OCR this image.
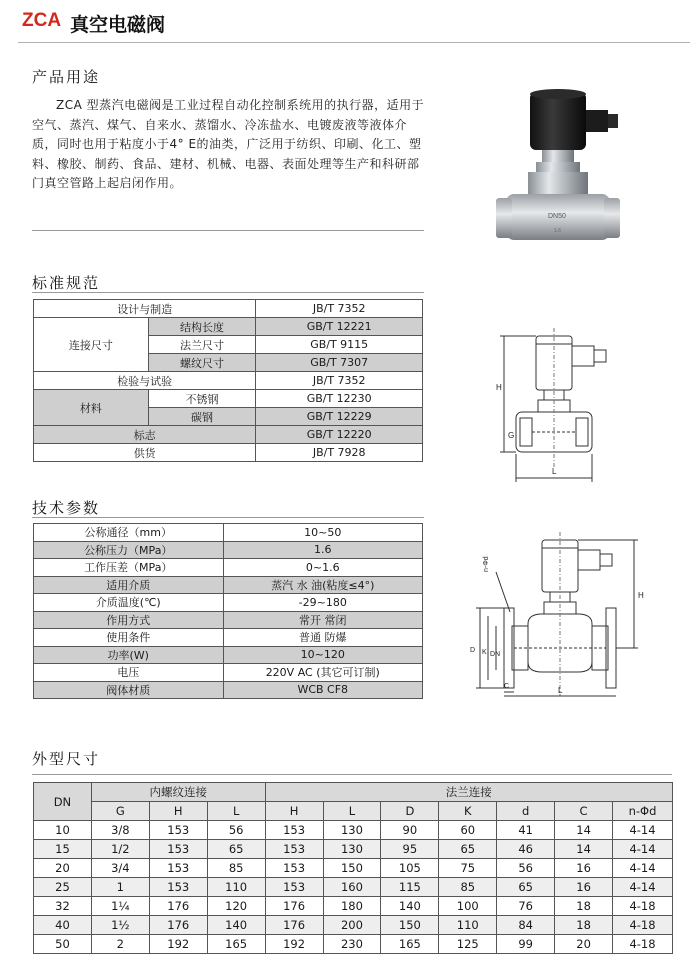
ZCA 真空电磁阀
产品用途
ZCA 型蒸汽电磁阀是工业过程自动化控制系统用的执行器，适用于空气、蒸汽、煤气、自来水、蒸馏水、冷冻盐水、电镀废液等液体介质，同时也用于粘度小于4° E的油类，广泛用于纺织、印刷、化工、塑料、橡胶、制药、食品、建材、机械、电器、表面处理等生产和科研部门真空管路上起启闭作用。
DN50
1.6
标准规范
设计与制造		JB/T 7352
连接尺寸	结构长度	GB/T 12221
	法兰尺寸	GB/T 9115
	螺纹尺寸	GB/T 7307
检验与试验		JB/T 7352
材料	不锈钢	GB/T 12230
	碳钢	GB/T 12229
标志		GB/T 12220
供货		JB/T 7928
H
G
L
技术参数
公称通径（mm）	10~50
公称压力（MPa）	1.6
工作压差（MPa）	0~1.6
适用介质	蒸汽 水 油(粘度≤4°)
介质温度(℃)	-29~180
作用方式	常开 常闭
使用条件	普通 防爆
功率(W)	10~120
电压	220V AC (其它可订制)
阀体材质	WCB CF8
n-Φd
H
D K DN
C	L
外型尺寸
DN	内螺纹连接			法兰连接						
	G	H	L	H	L	D	K	d	C	n-Φd
10	3/8	153	56	153	130	90	60	41	14	4-14
15	1/2	153	65	153	130	95	65	46	14	4-14
20	3/4	153	85	153	150	105	75	56	16	4-14
25	1	153	110	153	160	115	85	65	16	4-14
32	1¼	176	120	176	180	140	100	76	18	4-18
40	1½	176	140	176	200	150	110	84	18	4-18
50	2	192	165	192	230	165	125	99	20	4-18
